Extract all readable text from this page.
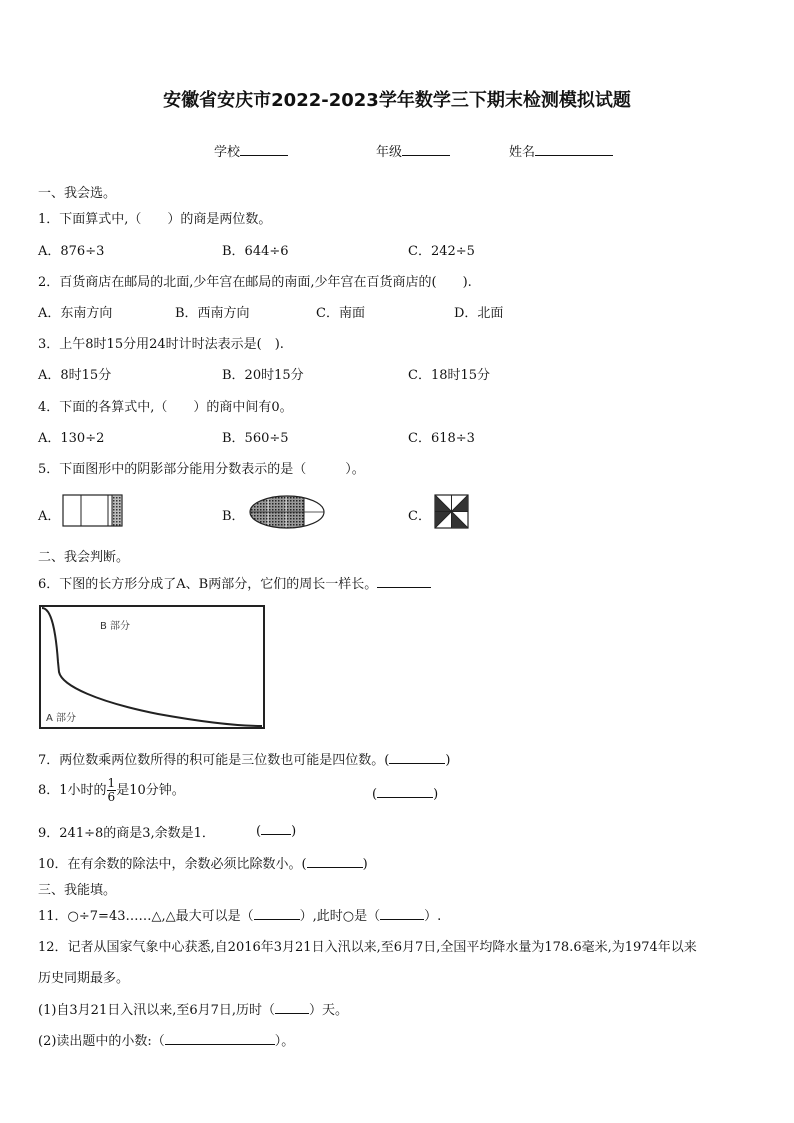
安徽省安庆市2022-2023学年数学三下期末检测模拟试题
学校	年级	姓名
一、我会选。
1．下面算式中,（　　）的商是两位数。
A．876÷3	B．644÷6	C．242÷5
2．百货商店在邮局的北面,少年宫在邮局的南面,少年宫在百货商店的(　　).
A．东南方向	B．西南方向	C．南面	D．北面
3．上午8时15分用24时计时法表示是(　).
A．8时15分	B．20时15分	C．18时15分
4．下面的各算式中,（　　）的商中间有0。
A．130÷2	B．560÷5	C．618÷3
5．下面图形中的阴影部分能用分数表示的是（　　　）。
A．	B．	C．
二、我会判断。
6．下图的长方形分成了A、B两部分，它们的周长一样长。
B 部分
A 部分
7．两位数乘两位数所得的积可能是三位数也可能是四位数。(	)
8．1小时的 $\frac{1}{6}$ 是10分钟。	(	)
9．241÷8的商是3,余数是1．	( )
10．在有余数的除法中，余数必须比除数小。(	)
三、我能填。
11．○÷7=43……△,△最大可以是（	）,此时○是（	）.
12．记者从国家气象中心获悉,自2016年3月21日入汛以来,至6月7日,全国平均降水量为178.6毫米,为1974年以来
历史同期最多。
(1)自3月21日入汛以来,至6月7日,历时（	）天。
(2)读出题中的小数:（	）。
